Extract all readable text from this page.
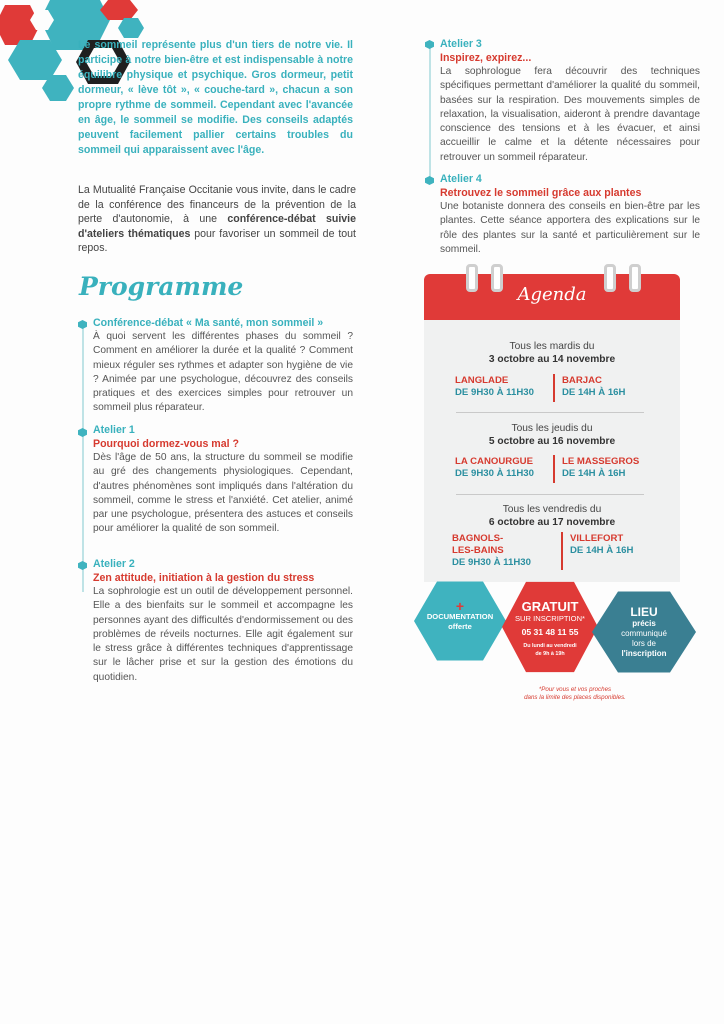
Le sommeil représente plus d'un tiers de notre vie. Il participe à notre bien-être et est indispensable à notre équilibre physique et psychique. Gros dormeur, petit dormeur, « lève tôt », « couche-tard », chacun a son propre rythme de sommeil. Cependant avec l'avancée en âge, le sommeil se modifie. Des conseils adaptés peuvent facilement pallier certains troubles du sommeil qui apparaissent avec l'âge.
La Mutualité Française Occitanie vous invite, dans le cadre de la conférence des financeurs de la prévention de la perte d'autonomie, à une conférence-débat suivie d'ateliers thématiques pour favoriser un sommeil de tout repos.
Programme
Conférence-débat « Ma santé, mon sommeil »
À quoi servent les différentes phases du sommeil ? Comment en améliorer la durée et la qualité ? Comment mieux réguler ses rythmes et adapter son hygiène de vie ? Animée par une psychologue, découvrez des conseils pratiques et des exercices simples pour retrouver un sommeil plus réparateur.
Atelier 1
Pourquoi dormez-vous mal ?
Dès l'âge de 50 ans, la structure du sommeil se modifie au gré des changements physiologiques. Cependant, d'autres phénomènes sont impliqués dans l'altération du sommeil, comme le stress et l'anxiété. Cet atelier, animé par une psychologue, présentera des astuces et conseils pour améliorer la qualité de son sommeil.
Atelier 2
Zen attitude, initiation à la gestion du stress
La sophrologie est un outil de développement personnel. Elle a des bienfaits sur le sommeil et accompagne les personnes ayant des difficultés d'endormissement ou des problèmes de réveils nocturnes. Elle agit également sur le stress grâce à différentes techniques d'apprentissage sur le lâcher prise et sur la gestion des émotions du quotidien.
Atelier 3
Inspirez, expirez...
La sophrologue fera découvrir des techniques spécifiques permettant d'améliorer la qualité du sommeil, basées sur la respiration. Des mouvements simples de relaxation, la visualisation, aideront à prendre davantage conscience des tensions et à les évacuer, et ainsi accueillir le calme et la détente nécessaires pour retrouver un sommeil réparateur.
Atelier 4
Retrouvez le sommeil grâce aux plantes
Une botaniste donnera des conseils en bien-être par les plantes. Cette séance apportera des explications sur le rôle des plantes sur la santé et particulièrement sur le sommeil.
Agenda
Tous les mardis du
3 octobre au 14 novembre
LANGLADE
DE 9H30 À 11H30
BARJAC
DE 14H À 16H
Tous les jeudis du
5 octobre au 16 novembre
LA CANOURGUE
DE 9H30 À 11H30
LE MASSEGROS
DE 14H À 16H
Tous les vendredis du
6 octobre au 17 novembre
BAGNOLS-
LES-BAINS
DE 9H30 À 11H30
VILLEFORT
DE 14H À 16H
+
DOCUMENTATION
offerte
GRATUIT
SUR INSCRIPTION*
05 31 48 11 55
Du lundi au vendredi
de 9h à 19h
LIEU
précis
communiqué
lors de
l'inscription
*Pour vous et vos proches
dans la limite des places disponibles.
